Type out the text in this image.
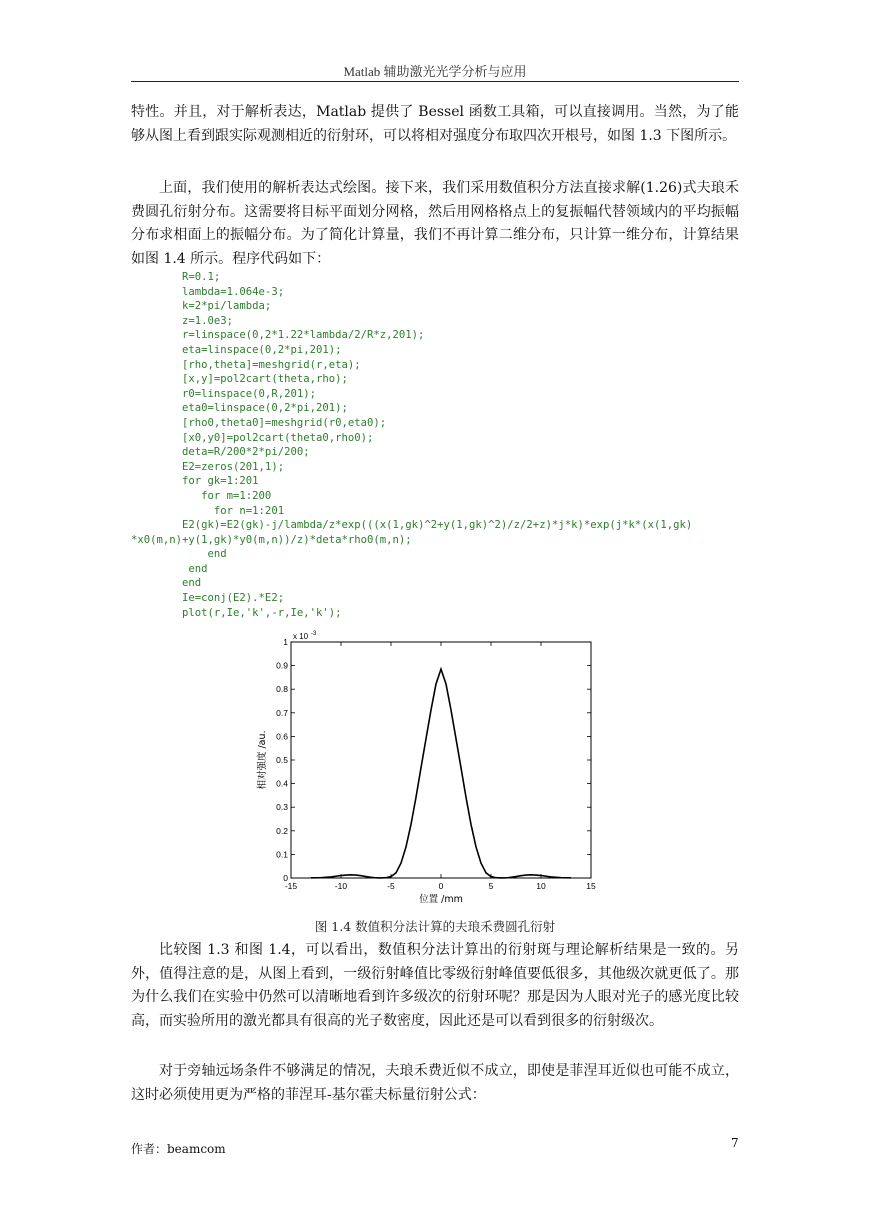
Matlab 辅助激光光学分析与应用
特性。并且，对于解析表达，Matlab 提供了 Bessel 函数工具箱，可以直接调用。当然，为了能够从图上看到跟实际观测相近的衍射环，可以将相对强度分布取四次开根号，如图 1.3 下图所示。
上面，我们使用的解析表达式绘图。接下来，我们采用数值积分方法直接求解(1.26)式夫琅禾费圆孔衍射分布。这需要将目标平面划分网格，然后用网格格点上的复振幅代替领域内的平均振幅分布求相面上的振幅分布。为了简化计算量，我们不再计算二维分布，只计算一维分布，计算结果如图 1.4 所示。程序代码如下：
R=0.1;
lambda=1.064e-3;
k=2*pi/lambda;
z=1.0e3;
r=linspace(0,2*1.22*lambda/2/R*z,201);
eta=linspace(0,2*pi,201);
[rho,theta]=meshgrid(r,eta);
[x,y]=pol2cart(theta,rho);
r0=linspace(0,R,201);
eta0=linspace(0,2*pi,201);
[rho0,theta0]=meshgrid(r0,eta0);
[x0,y0]=pol2cart(theta0,rho0);
deta=R/200*2*pi/200;
E2=zeros(201,1);
for gk=1:201
for m=1:200
for n=1:201
E2(gk)=E2(gk)-j/lambda/z*exp(((x(1,gk)^2+y(1,gk)^2)/z/2+z)*j*k)*exp(j*k*(x(1,gk)
*x0(m,n)+y(1,gk)*y0(m,n))/z)*deta*rho0(m,n);
end
end
end
Ie=conj(E2).*E2;
plot(r,Ie,'k',-r,Ie,'k');
0
0.1
0.2
0.3
0.4
0.5
0.6
0.7
0.8
0.9
1
-15	-10	-5	0	5	10	15
x 10 -3
相对强度 /au.
位置 /mm
图 1.4 数值积分法计算的夫琅禾费圆孔衍射
比较图 1.3 和图 1.4，可以看出，数值积分法计算出的衍射斑与理论解析结果是一致的。另外，值得注意的是，从图上看到，一级衍射峰值比零级衍射峰值要低很多，其他级次就更低了。那为什么我们在实验中仍然可以清晰地看到许多级次的衍射环呢？那是因为人眼对光子的感光度比较高，而实验所用的激光都具有很高的光子数密度，因此还是可以看到很多的衍射级次。
对于旁轴远场条件不够满足的情况，夫琅禾费近似不成立，即使是菲涅耳近似也可能不成立，这时必须使用更为严格的菲涅耳-基尔霍夫标量衍射公式：
作者：beamcom	7
